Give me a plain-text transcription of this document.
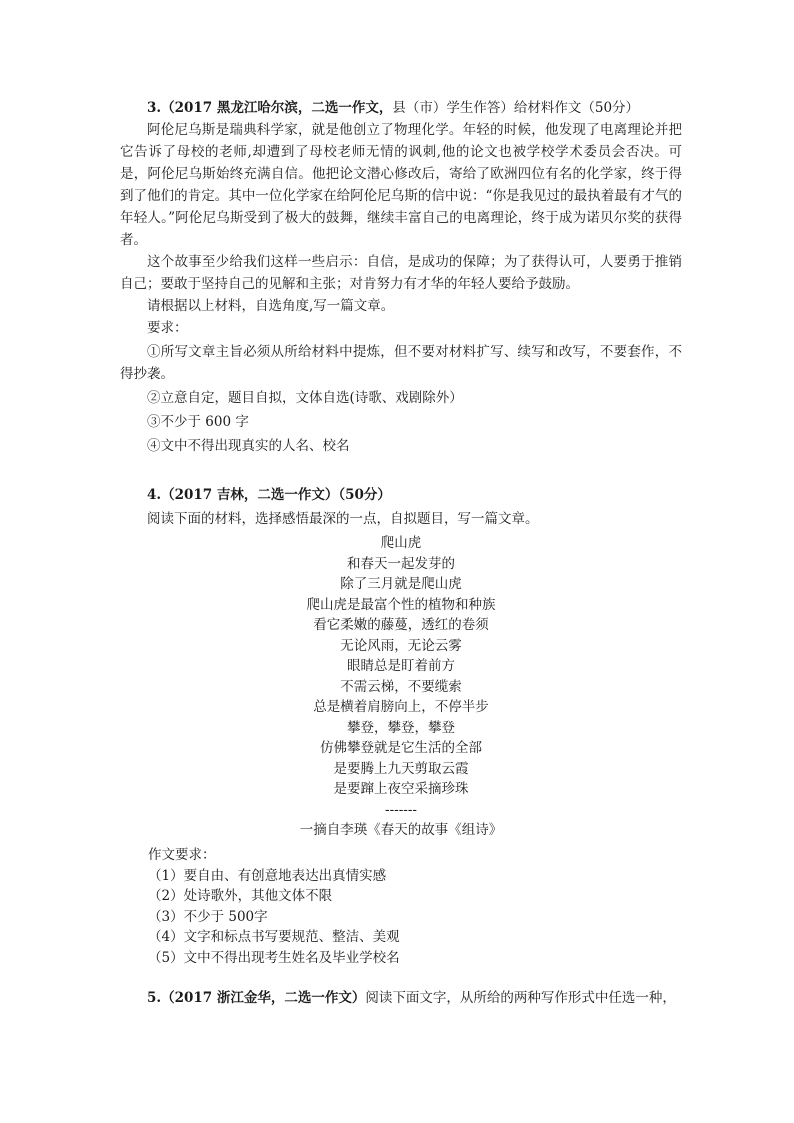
3.（2017 黑龙江哈尔滨，二选一作文，县（市）学生作答）给材料作文（50分）

阿伦尼乌斯是瑞典科学家，就是他创立了物理化学。年轻的时候，他发现了电离理论并把它告诉了母校的老师,却遭到了母校老师无情的讽刺,他的论文也被学校学术委员会否决。可是，阿伦尼乌斯始终充满自信。他把论文潜心修改后，寄给了欧洲四位有名的化学家，终于得到了他们的肯定。其中一位化学家在给阿伦尼乌斯的信中说：“你是我见过的最执着最有才气的年轻人。”阿伦尼乌斯受到了极大的鼓舞，继续丰富自己的电离理论，终于成为诺贝尔奖的获得者。

这个故事至少给我们这样一些启示：自信，是成功的保障；为了获得认可，人要勇于推销自己；要敢于坚持自己的见解和主张；对肯努力有才华的年轻人要给予鼓励。

请根据以上材料，自选角度,写一篇文章。

要求：

①所写文章主旨必须从所给材料中提炼，但不要对材料扩写、续写和改写，不要套作，不得抄袭。

②立意自定，题目自拟，文体自选(诗歌、戏剧除外）

③不少于 600 字

④文中不得出现真实的人名、校名

4.（2017 吉林，二选一作文）（50分）

阅读下面的材料，选择感悟最深的一点，自拟题目，写一篇文章。

爬山虎
和春天一起发芽的
除了三月就是爬山虎
爬山虎是最富个性的植物和种族
看它柔嫩的藤蔓，透红的卷须
无论风雨，无论云雾
眼睛总是盯着前方
不需云梯，不要缆索
总是横着肩膀向上，不停半步
攀登，攀登，攀登
仿佛攀登就是它生活的全部
是要腾上九天剪取云霞
是要蹿上夜空采摘珍珠
-------
一摘自李瑛《春天的故事《组诗》
作文要求：
（1）要自由、有创意地表达出真情实感
（2）处诗歌外，其他文体不限
（3）不少于 500字
（4）文字和标点书写要规范、整洁、美观
（5）文中不得出现考生姓名及毕业学校名

5.（2017 浙江金华，二选一作文）阅读下面文字，从所给的两种写作形式中任选一种，
